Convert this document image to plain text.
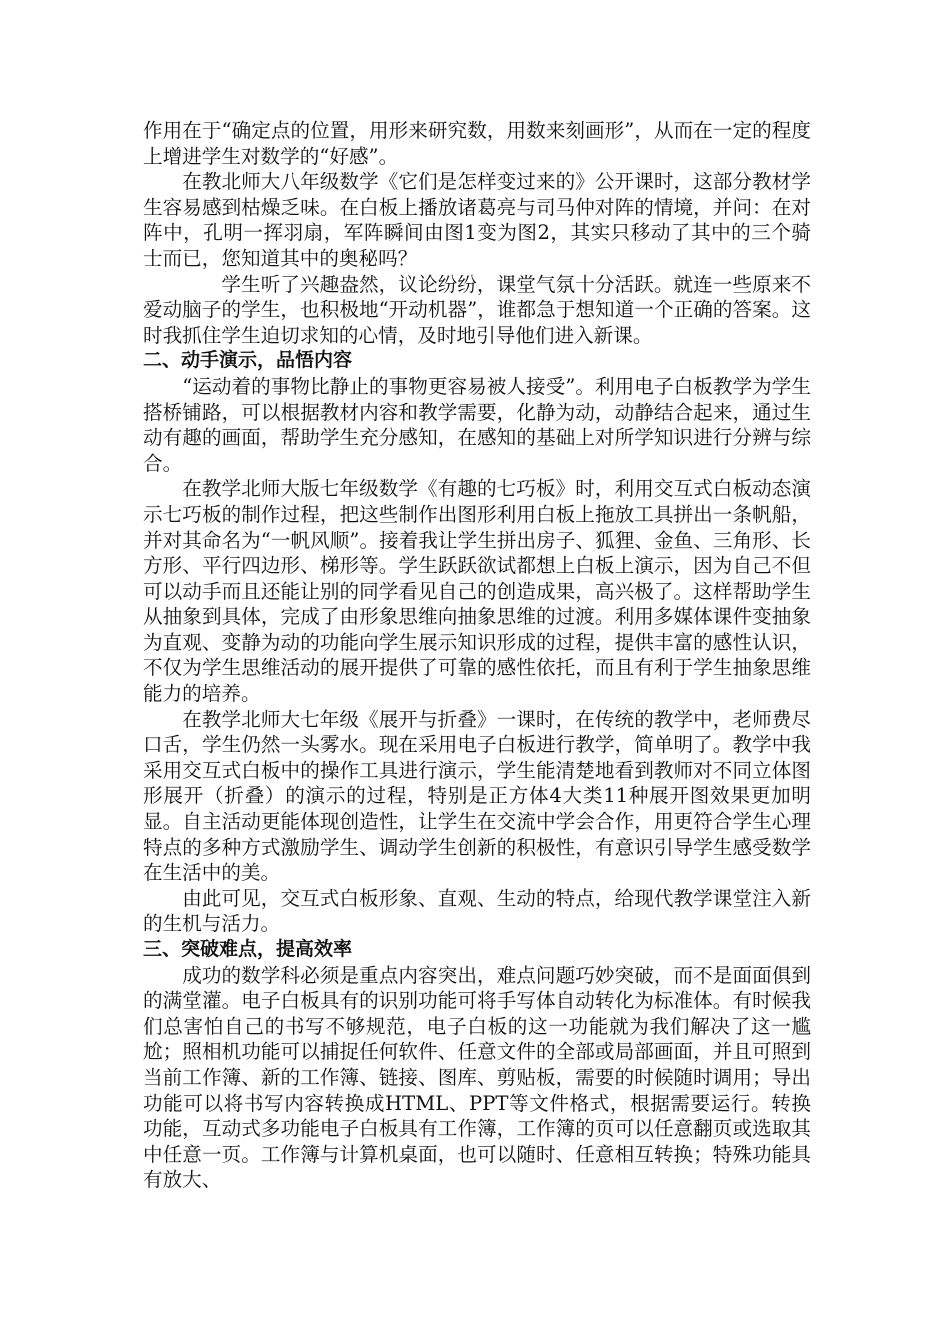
作用在于“确定点的位置，用形来研究数，用数来刻画形”，从而在一定的程度上增进学生对数学的“好感”。

在教北师大八年级数学《它们是怎样变过来的》公开课时，这部分教材学生容易感到枯燥乏味。在白板上播放诸葛亮与司马仲对阵的情境，并问：在对阵中，孔明一挥羽扇，军阵瞬间由图1变为图2，其实只移动了其中的三个骑士而已，您知道其中的奥秘吗？

学生听了兴趣盎然，议论纷纷，课堂气氛十分活跃。就连一些原来不爱动脑子的学生，也积极地“开动机器”，谁都急于想知道一个正确的答案。这时我抓住学生迫切求知的心情，及时地引导他们进入新课。

二、动手演示，品悟内容

“运动着的事物比静止的事物更容易被人接受”。利用电子白板教学为学生搭桥铺路，可以根据教材内容和教学需要，化静为动，动静结合起来，通过生动有趣的画面，帮助学生充分感知，在感知的基础上对所学知识进行分辨与综合。

在教学北师大版七年级数学《有趣的七巧板》时，利用交互式白板动态演示七巧板的制作过程，把这些制作出图形利用白板上拖放工具拼出一条帆船，并对其命名为“一帆风顺”。接着我让学生拼出房子、狐狸、金鱼、三角形、长方形、平行四边形、梯形等。学生跃跃欲试都想上白板上演示，因为自己不但可以动手而且还能让别的同学看见自己的创造成果，高兴极了。这样帮助学生从抽象到具体，完成了由形象思维向抽象思维的过渡。利用多媒体课件变抽象为直观、变静为动的功能向学生展示知识形成的过程，提供丰富的感性认识，不仅为学生思维活动的展开提供了可靠的感性依托，而且有利于学生抽象思维能力的培养。

在教学北师大七年级《展开与折叠》一课时，在传统的教学中，老师费尽口舌，学生仍然一头雾水。现在采用电子白板进行教学，简单明了。教学中我采用交互式白板中的操作工具进行演示，学生能清楚地看到教师对不同立体图形展开（折叠）的演示的过程，特别是正方体4大类11种展开图效果更加明显。自主活动更能体现创造性，让学生在交流中学会合作，用更符合学生心理特点的多种方式激励学生、调动学生创新的积极性，有意识引导学生感受数学在生活中的美。

由此可见，交互式白板形象、直观、生动的特点，给现代教学课堂注入新的生机与活力。

三、突破难点，提高效率

成功的数学科必须是重点内容突出，难点问题巧妙突破，而不是面面俱到的满堂灌。电子白板具有的识别功能可将手写体自动转化为标准体。有时候我们总害怕自己的书写不够规范，电子白板的这一功能就为我们解决了这一尴尬；照相机功能可以捕捉任何软件、任意文件的全部或局部画面，并且可照到当前工作簿、新的工作簿、链接、图库、剪贴板，需要的时候随时调用；导出功能可以将书写内容转换成HTML、PPT等文件格式，根据需要运行。转换功能，互动式多功能电子白板具有工作簿，工作簿的页可以任意翻页或选取其中任意一页。工作簿与计算机桌面，也可以随时、任意相互转换；特殊功能具有放大、
